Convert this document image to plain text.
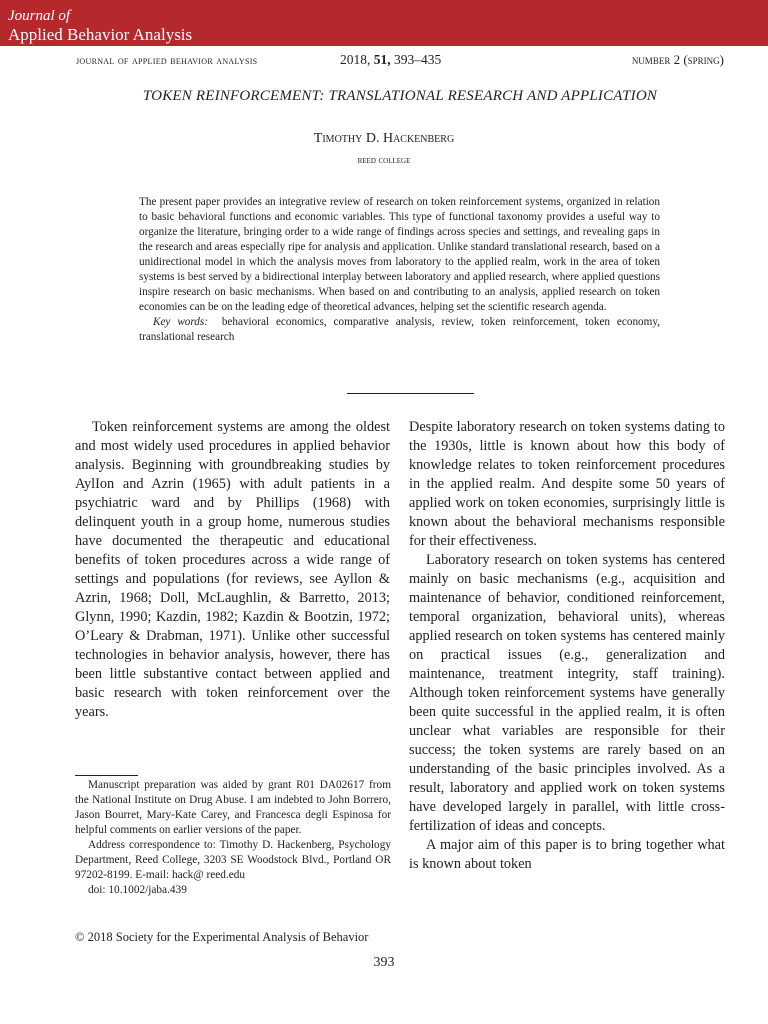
Journal of
Applied Behavior Analysis
journal of applied behavior analysis	2018, 51, 393–435	number 2 (spring)
TOKEN REINFORCEMENT: TRANSLATIONAL RESEARCH AND APPLICATION
Timothy D. Hackenberg
reed college

The present paper provides an integrative review of research on token reinforcement systems, organized in relation to basic behavioral functions and economic variables. This type of functional taxonomy provides a useful way to organize the literature, bringing order to a wide range of findings across species and settings, and revealing gaps in the research and areas especially ripe for analysis and application. Unlike standard translational research, based on a unidirectional model in which the analysis moves from laboratory to the applied realm, work in the area of token systems is best served by a bidirectional interplay between laboratory and applied research, where applied questions inspire research on basic mechanisms. When based on and contributing to an analysis, applied research on token economies can be on the leading edge of theoretical advances, helping set the scientific research agenda.

Key words: behavioral economics, comparative analysis, review, token reinforcement, token economy, translational research

Token reinforcement systems are among the oldest and most widely used procedures in applied behavior analysis. Beginning with groundbreaking studies by AylIon and Azrin (1965) with adult patients in a psychiatric ward and by Phillips (1968) with delinquent youth in a group home, numerous studies have documented the therapeutic and educational benefits of token procedures across a wide range of settings and populations (for reviews, see Ayllon & Azrin, 1968; Doll, McLaughlin, & Barretto, 2013; Glynn, 1990; Kazdin, 1982; Kazdin & Bootzin, 1972; O’Leary & Drabman, 1971). Unlike other successful technologies in behavior analysis, however, there has been little substantive contact between applied and basic research with token reinforcement over the years.

Despite laboratory research on token systems dating to the 1930s, little is known about how this body of knowledge relates to token reinforcement procedures in the applied realm. And despite some 50 years of applied work on token economies, surprisingly little is known about the behavioral mechanisms responsible for their effectiveness.

Laboratory research on token systems has centered mainly on basic mechanisms (e.g., acquisition and maintenance of behavior, conditioned reinforcement, temporal organization, behavioral units), whereas applied research on token systems has centered mainly on practical issues (e.g., generalization and maintenance, treatment integrity, staff training). Although token reinforcement systems have generally been quite successful in the applied realm, it is often unclear what variables are responsible for their success; the token systems are rarely based on an understanding of the basic principles involved. As a result, laboratory and applied work on token systems have developed largely in parallel, with little cross-fertilization of ideas and concepts.

A major aim of this paper is to bring together what is known about token

Manuscript preparation was aided by grant R01 DA02617 from the National Institute on Drug Abuse. I am indebted to John Borrero, Jason Bourret, Mary-Kate Carey, and Francesca degli Espinosa for helpful comments on earlier versions of the paper.

Address correspondence to: Timothy D. Hackenberg, Psychology Department, Reed College, 3203 SE Woodstock Blvd., Portland OR 97202-8199. E-mail: hack@ reed.edu

doi: 10.1002/jaba.439

© 2018 Society for the Experimental Analysis of Behavior
393
